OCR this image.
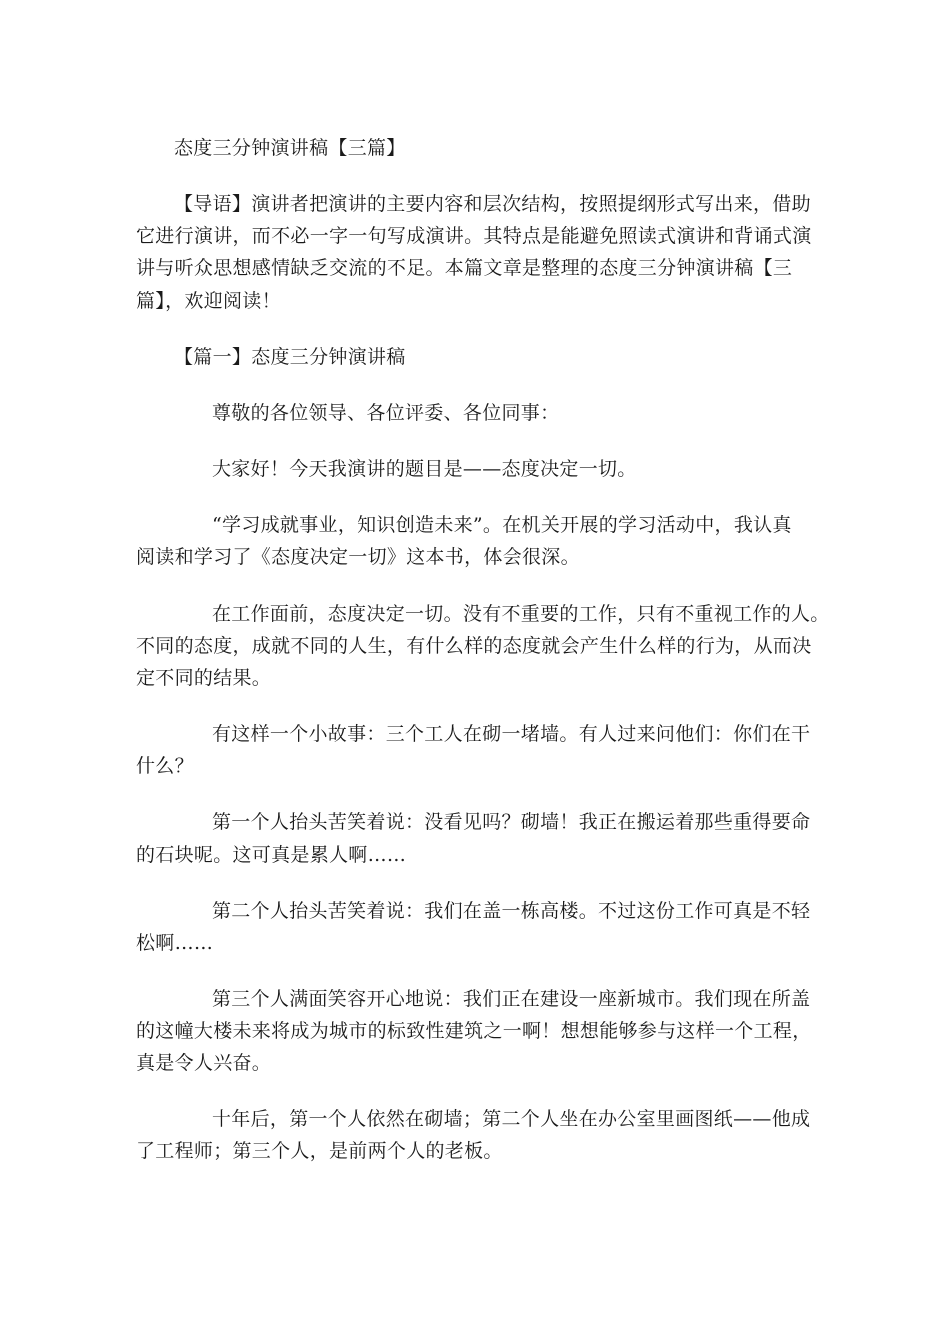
态度三分钟演讲稿【三篇】
【导语】演讲者把演讲的主要内容和层次结构，按照提纲形式写出来，借助
它进行演讲，而不必一字一句写成演讲。其特点是能避免照读式演讲和背诵式演
讲与听众思想感情缺乏交流的不足。本篇文章是整理的态度三分钟演讲稿【三
篇】，欢迎阅读！
【篇一】态度三分钟演讲稿
尊敬的各位领导、各位评委、各位同事：
大家好！今天我演讲的题目是——态度决定一切。
“学习成就事业，知识创造未来”。在机关开展的学习活动中，我认真
阅读和学习了《态度决定一切》这本书，体会很深。
在工作面前，态度决定一切。没有不重要的工作，只有不重视工作的人。
不同的态度，成就不同的人生，有什么样的态度就会产生什么样的行为，从而决
定不同的结果。
有这样一个小故事：三个工人在砌一堵墙。有人过来问他们：你们在干
什么？
第一个人抬头苦笑着说：没看见吗？砌墙！我正在搬运着那些重得要命
的石块呢。这可真是累人啊……
第二个人抬头苦笑着说：我们在盖一栋高楼。不过这份工作可真是不轻
松啊……
第三个人满面笑容开心地说：我们正在建设一座新城市。我们现在所盖
的这幢大楼未来将成为城市的标致性建筑之一啊！想想能够参与这样一个工程，
真是令人兴奋。
十年后，第一个人依然在砌墙；第二个人坐在办公室里画图纸——他成
了工程师；第三个人，是前两个人的老板。
